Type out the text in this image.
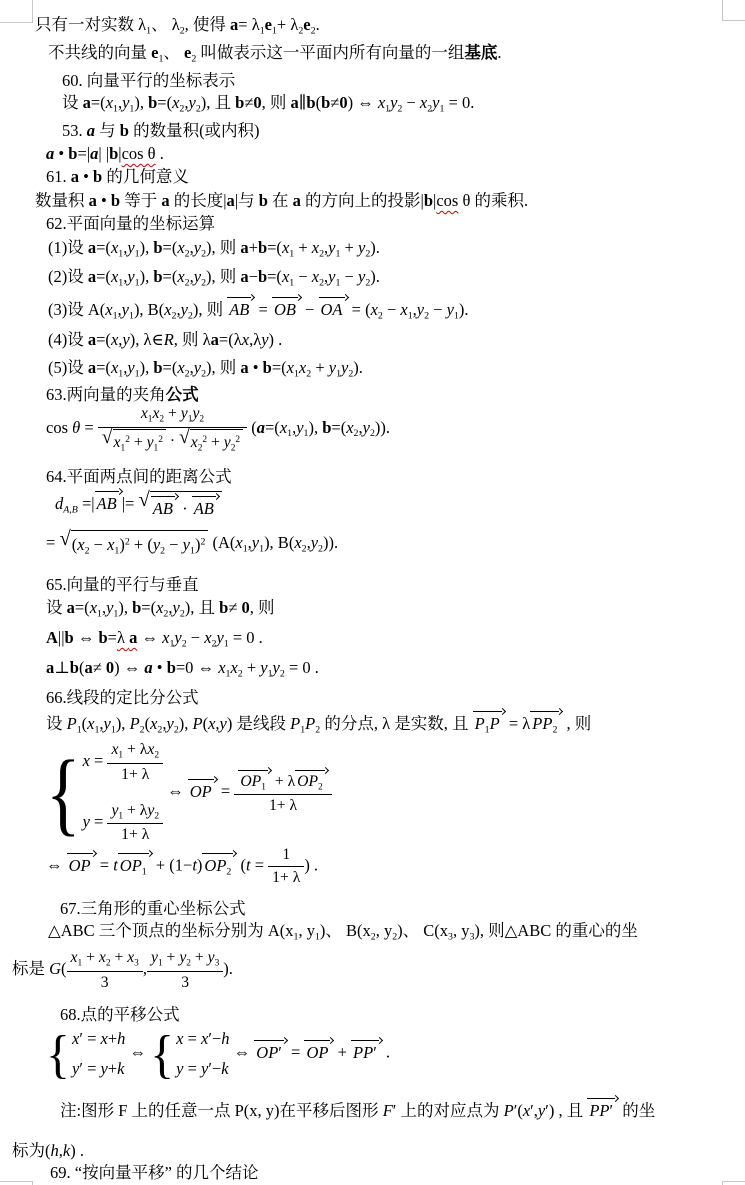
只有一对实数 $\lambda_1$、 $\lambda_2$, 使得 $a= \lambda_1e_1+ \lambda_2e_2$.
不共线的向量 $e_1$、 $e_2$ 叫做表示这一平面内所有向量的一组基底.
60. 向量平行的坐标表示
设 $a=(x_1,y_1)$, $b=(x_2,y_2)$, 且 b≠0, 则 a∥b(b≠0) ⇔ $x_1y_2 - x_2y_1 = 0$.
53. a 与 b 的数量积(或内积)
a • b=|a| |b|cos θ .
61. a • b 的几何意义
数量积 a • b 等于 a 的长度|a|与 b 在 a 的方向上的投影|b|cos θ 的乘积.
62.平面向量的坐标运算
(1)设 $a=(x_1,y_1)$, $b=(x_2,y_2)$, 则 $a+b=(x_1 + x_2,y_1 + y_2)$.
(2)设 $a=(x_1,y_1)$, $b=(x_2,y_2)$, 则 $a-b=(x_1 - x_2,y_1 - y_2)$.
(3)设 $A(x_1,y_1)$, $B(x_2,y_2)$, 则 AB = OB − OA = $(x_2 - x_1,y_2 - y_1)$.
(4)设 a=(x,y), λ∈R, 则 λa=(λx,λy) .
(5)设 $a=(x_1,y_1)$, $b=(x_2,y_2)$, 则 a • $b=(x_1x_2 + y_1y_2)$.
63.两向量的夹角公式
$\cos \theta = \frac{x_1x_2 + y_1y_2}{√ x_1^2 + y_1^2 \cdot √ x_2^2 + y_2^2} (a=(x_1,y_1)$, $b=(x_2,y_2)$).
64.平面两点间的距离公式
$d_{A,B}$ =| AB |= √ AB · AB
= √ $(x_2 - x_1)^2 + (y_2 - y_1)^2$ ($A(x_1,y_1)$, $B(x_2,y_2)$).
65.向量的平行与垂直
设 $a=(x_1,y_1)$, $b=(x_2,y_2)$, 且 b≠ 0, 则
A||b ⇔ b=λ a ⇔ $x_1y_2 - x_2y_1 = 0$ .
a⊥b(a≠ 0) ⇔ a • b=0 ⇔ $x_1x_2 + y_1y_2 = 0$ .
66.线段的定比分公式
设 $P_1(x_1,y_1)$, $P_2(x_2,y_2)$, P(x,y) 是线段 $P_1P_2$ 的分点, λ 是实数, 且 $P_1P = \lambda$ $PP_2$ , 则
{ $x = \frac{x_1 + \lambda x_2}{1+ \lambda}$
$y = \frac{y_1 + \lambda y_2}{1+ \lambda}$
⇔ OP = $\frac{OP_1 + \lambda OP_2}{1+ \lambda}$
⇔ OP = t $OP_1 + (1-t)$ $OP_2$ ($t = \frac{1}{1+ \lambda}$ ) .
67.三角形的重心坐标公式
△ABC 三个顶点的坐标分别为 $A(x_1$, $y_1$)、 $B(x_2$, $y_2$)、 $C(x_3$, $y_3$), 则△ABC 的重心的坐
标是 $G( \frac{x_1 + x_2 + x_3}{3}$ , $\frac{y_1 + y_2 + y_3}{3}$ ).
68.点的平移公式
{ x′ = x+h
y′ = y+k
⇔ { x = x′−h
y = y′−k
⇔ OP′ = OP + PP′ .
注:图形 F 上的任意一点 P(x, y)在平移后图形 F′ 上的对应点为 P′(x′,y′) , 且 PP′ 的坐
标为(h,k) .
69. “按向量平移” 的几个结论
